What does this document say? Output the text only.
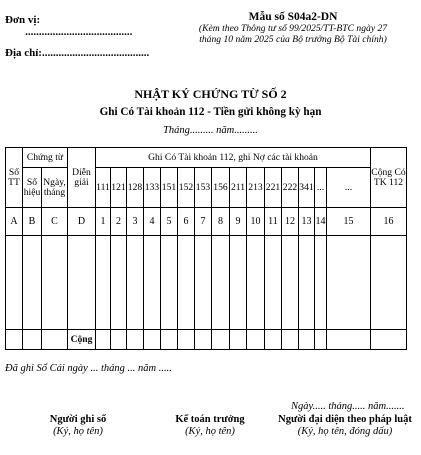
Đơn vị:
.......................................
Địa chỉ:.......................................
Mẫu số S04a2-DN
(Kèm theo Thông tư số 99/2025/TT-BTC ngày 27
tháng 10 năm 2025 của Bộ trưởng Bộ Tài chính)
NHẬT KÝ CHỨNG TỪ SỐ 2
Ghi Có Tài khoản 112 - Tiền gửi không kỳ hạn
Tháng......... năm.........
Số TT	Chứng từ		Diễn giải	Ghi Có Tài khoản 112, ghi Nợ các tài khoản															Cộng Có TK 112
	Số hiệu	Ngày, tháng		111	121	128	133	151	152	153	156	211	213	221	222	341	...	...	
A	B	C	D	1	2	3	4	5	6	7	8	9	10	11	12	13	14	15	16

			Cộng																
Đã ghi Sổ Cái ngày ... tháng ... năm .....
Ngày..... tháng..... năm.......
Người ghi sổ
(Ký, họ tên)
Kế toán trưởng
(Ký, họ tên)
Người đại diện theo pháp luật
(Ký, họ tên, đóng dấu)
